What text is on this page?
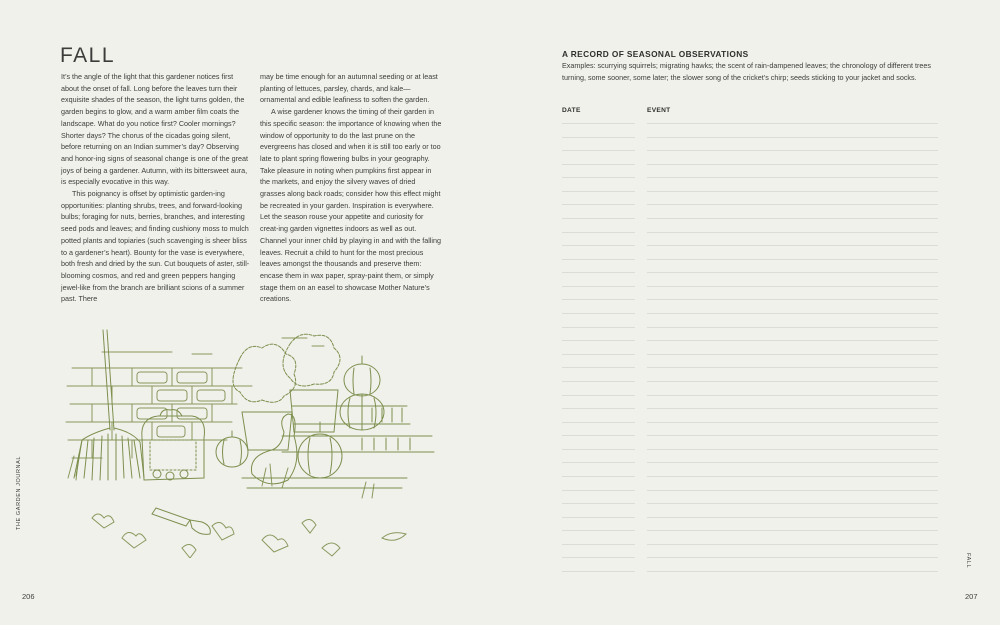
FALL

It’s the angle of the light that this gardener notices first about the onset of fall. Long before the leaves turn their exquisite shades of the season, the light turns golden, the garden begins to glow, and a warm amber film coats the landscape. What do you notice first? Cooler mornings? Shorter days? The chorus of the cicadas going silent, before returning on an Indian summer’s day? Observing and honor-ing signs of seasonal change is one of the great joys of being a gardener. Autumn, with its bittersweet aura, is especially evocative in this way.

This poignancy is offset by optimistic garden-ing opportunities: planting shrubs, trees, and forward-looking bulbs; foraging for nuts, berries, branches, and interesting seed pods and leaves; and finding cushiony moss to mulch potted plants and topiaries (such scavenging is sheer bliss to a gardener’s heart). Bounty for the vase is everywhere, both fresh and dried by the sun. Cut bouquets of aster, still-blooming cosmos, and red and green peppers hanging jewel-like from the branch are brilliant scions of a summer past. There

may be time enough for an autumnal seeding or at least planting of lettuces, parsley, chards, and kale—ornamental and edible leafiness to soften the garden.

A wise gardener knows the timing of their garden in this specific season: the importance of knowing when the window of opportunity to do the last prune on the evergreens has closed and when it is still too early or too late to plant spring flowering bulbs in your geography. Take pleasure in noting when pumpkins first appear in the markets, and enjoy the silvery waves of dried grasses along back roads; consider how this effect might be recreated in your garden. Inspiration is everywhere. Let the season rouse your appetite and curiosity for creat-ing garden vignettes indoors as well as out. Channel your inner child by playing in and with the falling leaves. Recruit a child to hunt for the most precious leaves amongst the thousands and preserve them: encase them in wax paper, spray-paint them, or simply stage them on an easel to showcase Mother Nature’s creations.

THE GARDEN JOURNAL
206
A RECORD OF SEASONAL OBSERVATIONS

Examples: scurrying squirrels; migrating hawks; the scent of rain-dampened leaves; the chronology of different trees turning, some sooner, some later; the slower song of the cricket’s chirp; seeds sticking to your jacket and socks.

DATE	EVENT
FALL
207
